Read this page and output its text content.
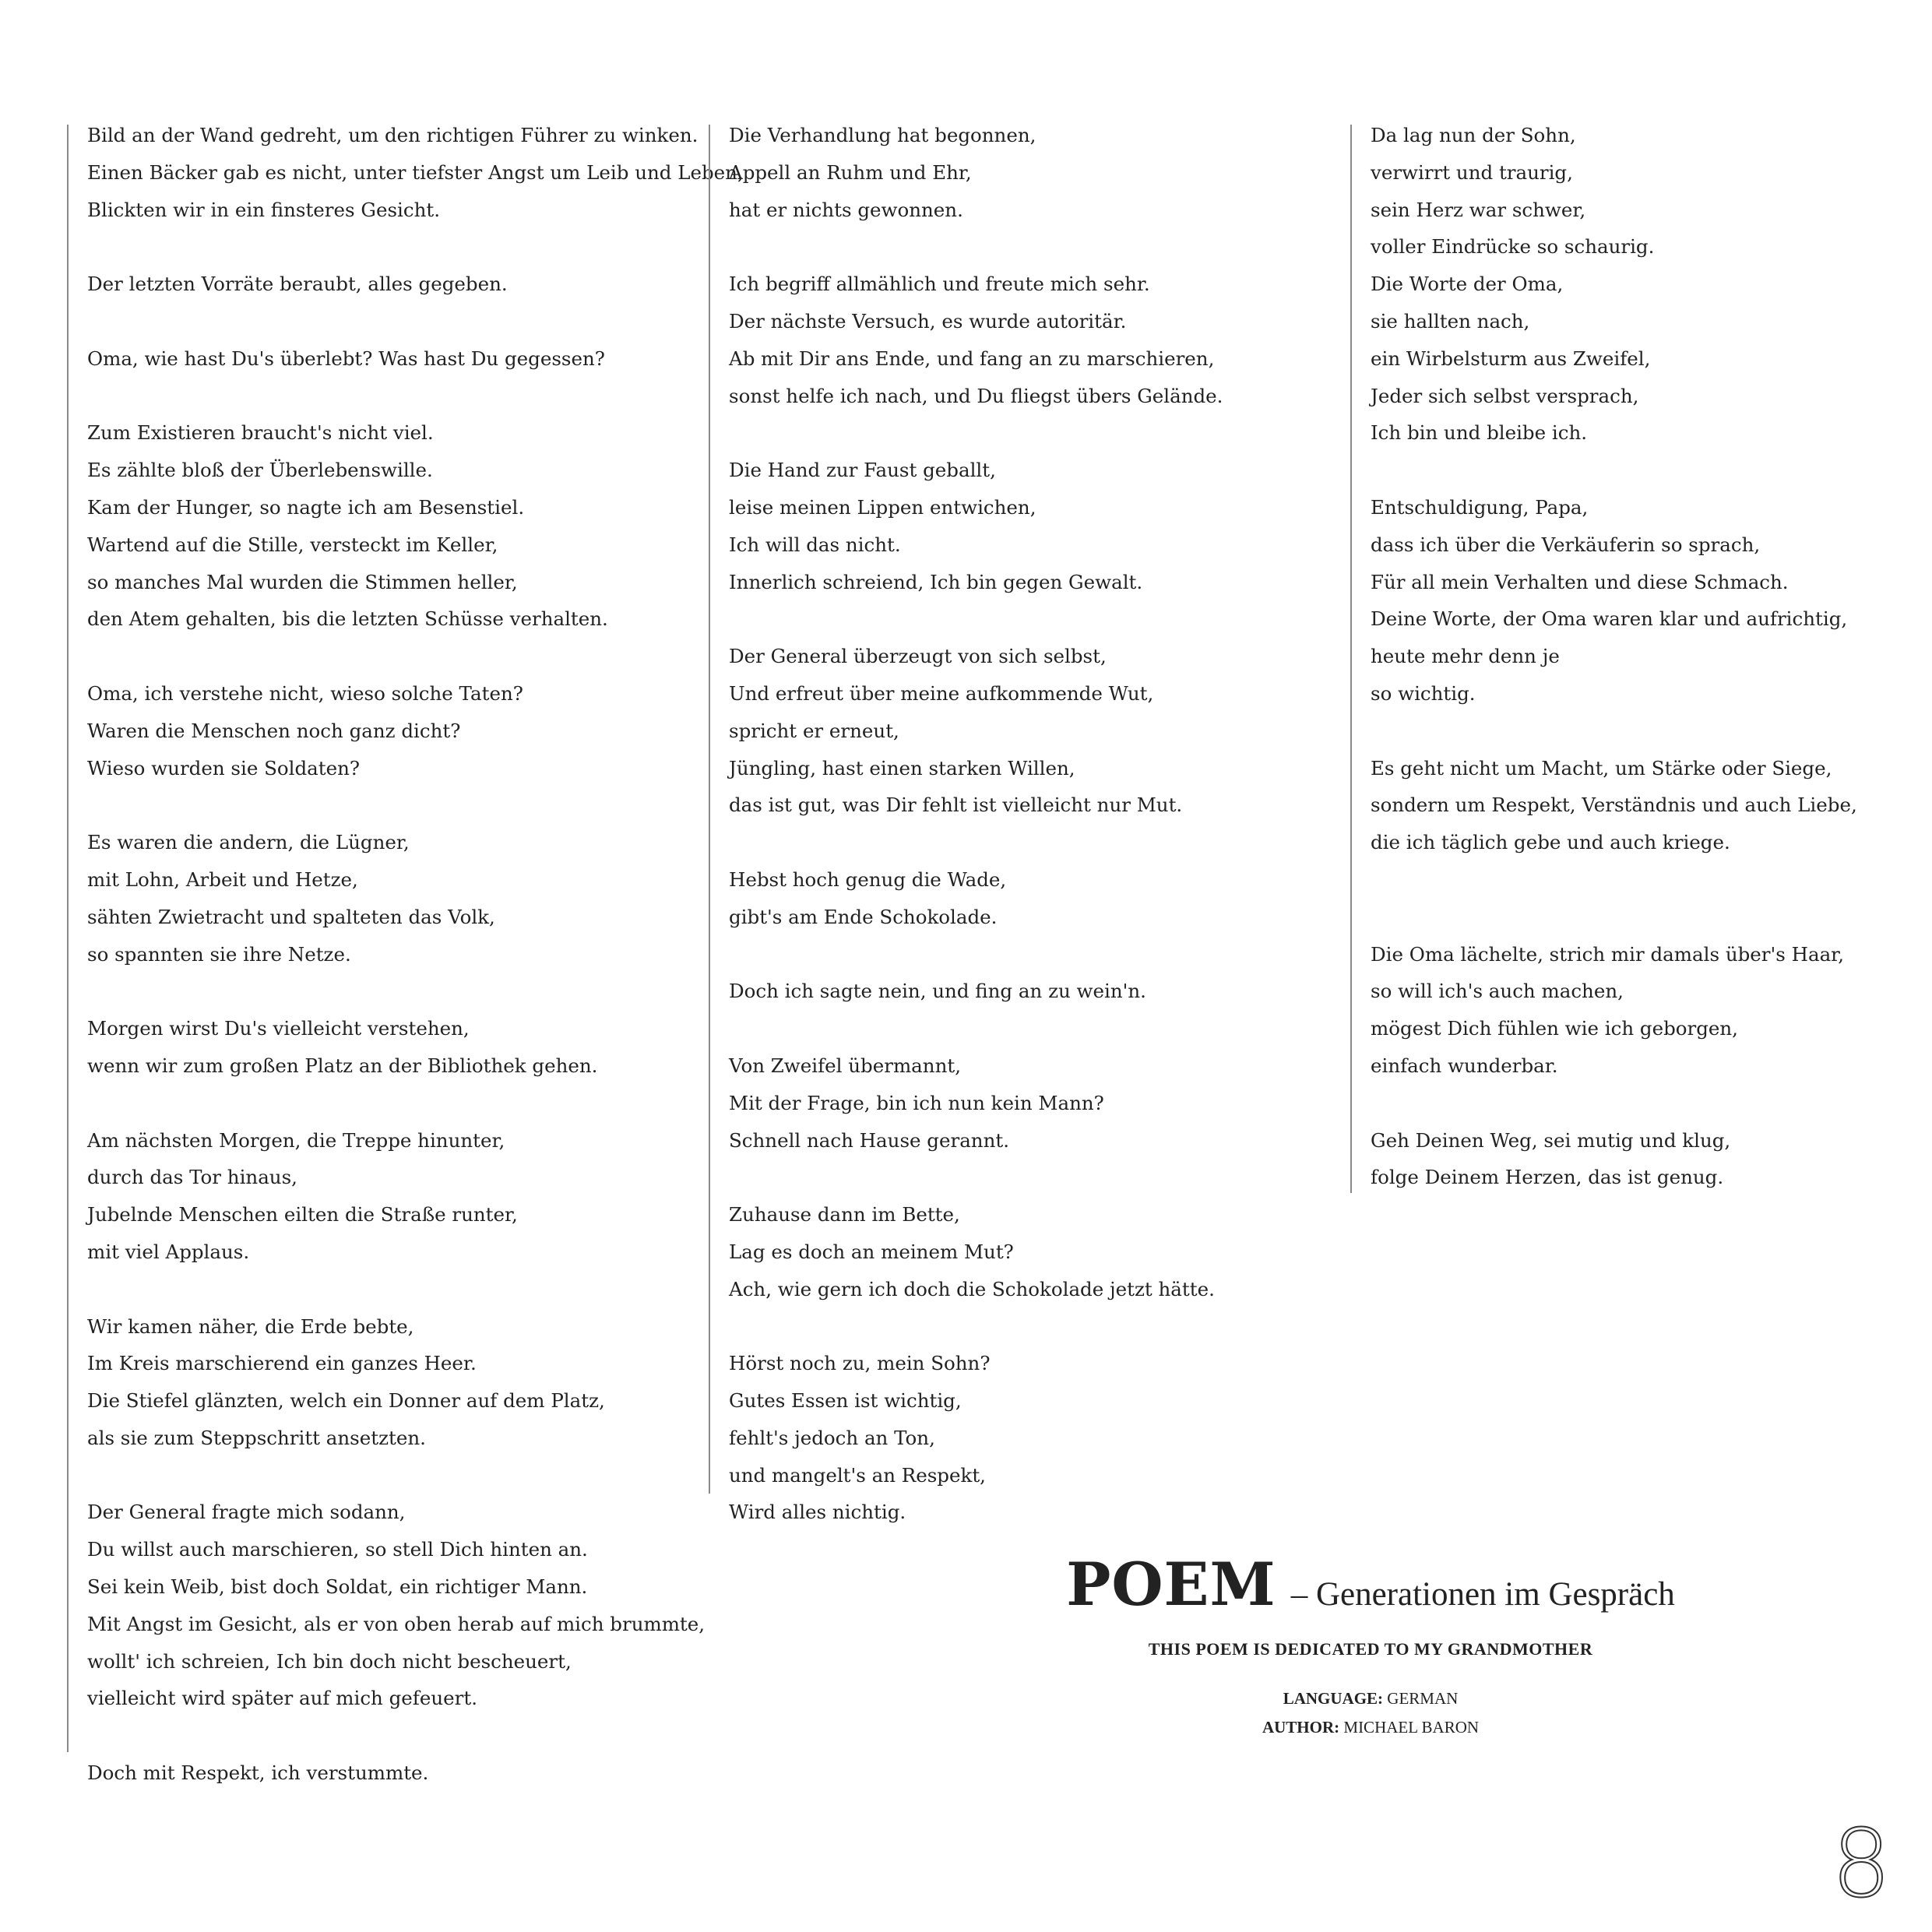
Bild an der Wand gedreht, um den richtigen Führer zu winken.
Einen Bäcker gab es nicht, unter tiefster Angst um Leib und Leben,
Blickten wir in ein finsteres Gesicht.

Der letzten Vorräte beraubt, alles gegeben.

Oma, wie hast Du's überlebt? Was hast Du gegessen?

Zum Existieren braucht's nicht viel.
Es zählte bloß der Überlebenswille.
Kam der Hunger, so nagte ich am Besenstiel.
Wartend auf die Stille, versteckt im Keller,
so manches Mal wurden die Stimmen heller,
den Atem gehalten, bis die letzten Schüsse verhalten.

Oma, ich verstehe nicht, wieso solche Taten?
Waren die Menschen noch ganz dicht?
Wieso wurden sie Soldaten?

Es waren die andern, die Lügner,
mit Lohn, Arbeit und Hetze,
sähten Zwietracht und spalteten das Volk,
so spannten sie ihre Netze.

Morgen wirst Du's vielleicht verstehen,
wenn wir zum großen Platz an der Bibliothek gehen.

Am nächsten Morgen, die Treppe hinunter,
durch das Tor hinaus,
Jubelnde Menschen eilten die Straße runter,
mit viel Applaus.

Wir kamen näher, die Erde bebte,
Im Kreis marschierend ein ganzes Heer.
Die Stiefel glänzten, welch ein Donner auf dem Platz,
als sie zum Steppschritt ansetzten.

Der General fragte mich sodann,
Du willst auch marschieren, so stell Dich hinten an.
Sei kein Weib, bist doch Soldat, ein richtiger Mann.
Mit Angst im Gesicht, als er von oben herab auf mich brummte,
wollt' ich schreien, Ich bin doch nicht bescheuert,
vielleicht wird später auf mich gefeuert.

Doch mit Respekt, ich verstummte.
Die Verhandlung hat begonnen,
Appell an Ruhm und Ehr,
hat er nichts gewonnen.

Ich begriff allmählich und freute mich sehr.
Der nächste Versuch, es wurde autoritär.
Ab mit Dir ans Ende, und fang an zu marschieren,
sonst helfe ich nach, und Du fliegst übers Gelände.

Die Hand zur Faust geballt,
leise meinen Lippen entwichen,
Ich will das nicht.
Innerlich schreiend, Ich bin gegen Gewalt.

Der General überzeugt von sich selbst,
Und erfreut über meine aufkommende Wut,
spricht er erneut,
Jüngling, hast einen starken Willen,
das ist gut, was Dir fehlt ist vielleicht nur Mut.

Hebst hoch genug die Wade,
gibt's am Ende Schokolade.

Doch ich sagte nein, und fing an zu wein'n.

Von Zweifel übermannt,
Mit der Frage, bin ich nun kein Mann?
Schnell nach Hause gerannt.

Zuhause dann im Bette,
Lag es doch an meinem Mut?
Ach, wie gern ich doch die Schokolade jetzt hätte.

Hörst noch zu, mein Sohn?
Gutes Essen ist wichtig,
fehlt's jedoch an Ton,
und mangelt's an Respekt,
Wird alles nichtig.
Da lag nun der Sohn,
verwirrt und traurig,
sein Herz war schwer,
voller Eindrücke so schaurig.
Die Worte der Oma,
sie hallten nach,
ein Wirbelsturm aus Zweifel,
Jeder sich selbst versprach,
Ich bin und bleibe ich.

Entschuldigung, Papa,
dass ich über die Verkäuferin so sprach,
Für all mein Verhalten und diese Schmach.
Deine Worte, der Oma waren klar und aufrichtig,
heute mehr denn je
so wichtig.

Es geht nicht um Macht, um Stärke oder Siege,
sondern um Respekt, Verständnis und auch Liebe,
die ich täglich gebe und auch kriege.

Die Oma lächelte, strich mir damals über's Haar,
so will ich's auch machen,
mögest Dich fühlen wie ich geborgen,
einfach wunderbar.

Geh Deinen Weg, sei mutig und klug,
folge Deinem Herzen, das ist genug.
POEM – Generationen im Gespräch
THIS POEM IS DEDICATED TO MY GRANDMOTHER
LANGUAGE: GERMAN
AUTHOR: MICHAEL BARON
8
